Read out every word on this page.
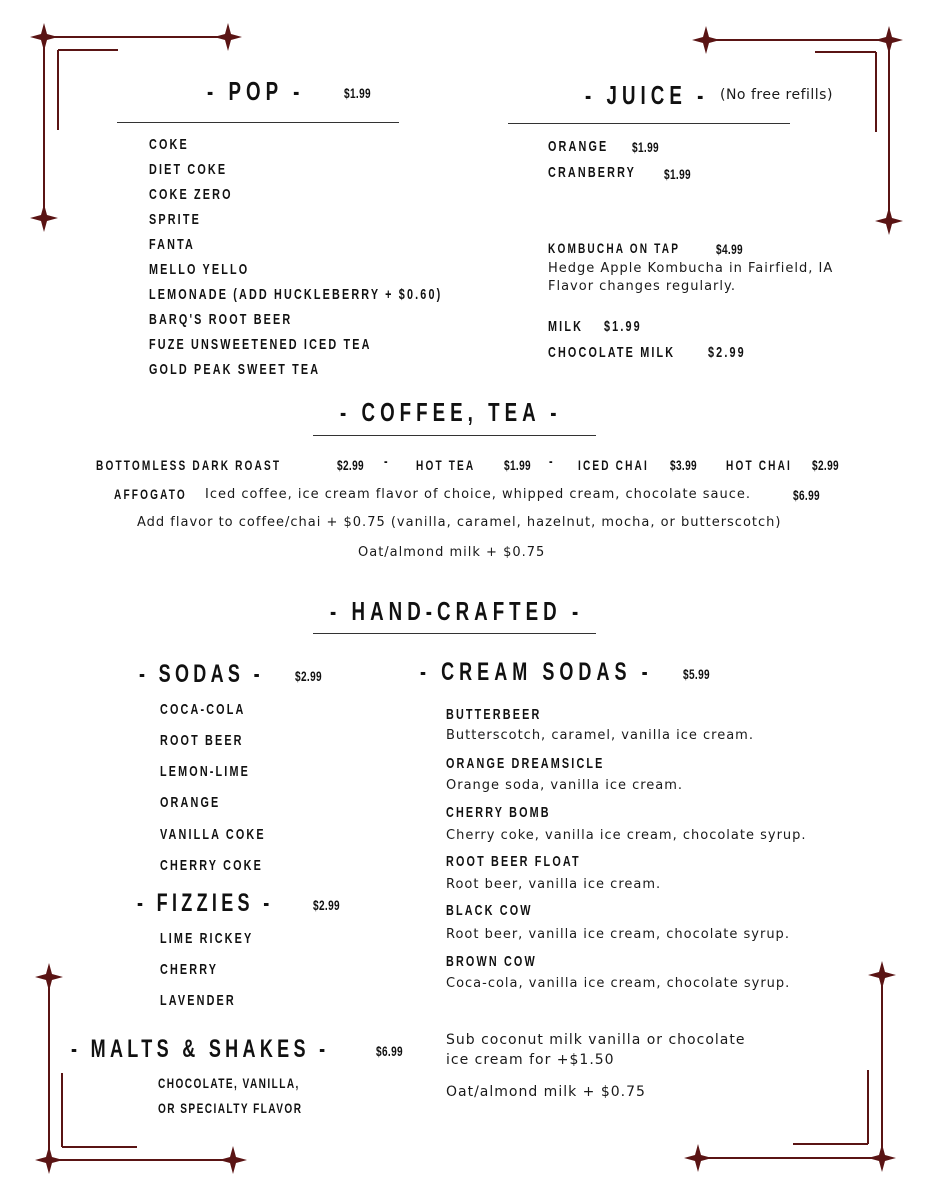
- POP -	$1.99
COKE
DIET COKE
COKE ZERO
SPRITE
FANTA
MELLO YELLO
LEMONADE (ADD HUCKLEBERRY + $0.60)
BARQ'S ROOT BEER
FUZE UNSWEETENED ICED TEA
GOLD PEAK SWEET TEA
- JUICE - (No free refills)
ORANGE $1.99
CRANBERRY $1.99
KOMBUCHA ON TAP	$4.99
Hedge Apple Kombucha in Fairfield, IA
Flavor changes regularly.
MILK $1.99
CHOCOLATE MILK $2.99
- COFFEE, TEA -
BOTTOMLESS DARK ROAST	$2.99 - HOT TEA $1.99 - ICED CHAI $3.99 HOT CHAI $2.99
AFFOGATO Iced coffee, ice cream flavor of choice, whipped cream, chocolate sauce.	$6.99
Add flavor to coffee/chai + $0.75 (vanilla, caramel, hazelnut, mocha, or butterscotch)
Oat/almond milk + $0.75
- HAND-CRAFTED -
- SODAS - $2.99
COCA-COLA
ROOT BEER
LEMON-LIME
ORANGE
VANILLA COKE
CHERRY COKE
- FIZZIES -	$2.99
LIME RICKEY
CHERRY
LAVENDER
- MALTS & SHAKES -	$6.99
CHOCOLATE, VANILLA,
OR SPECIALTY FLAVOR
- CREAM SODAS - $5.99
BUTTERBEER
Butterscotch, caramel, vanilla ice cream.
ORANGE DREAMSICLE
Orange soda, vanilla ice cream.
CHERRY BOMB
Cherry coke, vanilla ice cream, chocolate syrup.
ROOT BEER FLOAT
Root beer, vanilla ice cream.
BLACK COW
Root beer, vanilla ice cream, chocolate syrup.
BROWN COW
Coca-cola, vanilla ice cream, chocolate syrup.
Sub coconut milk vanilla or chocolate
ice cream for +$1.50
Oat/almond milk + $0.75
